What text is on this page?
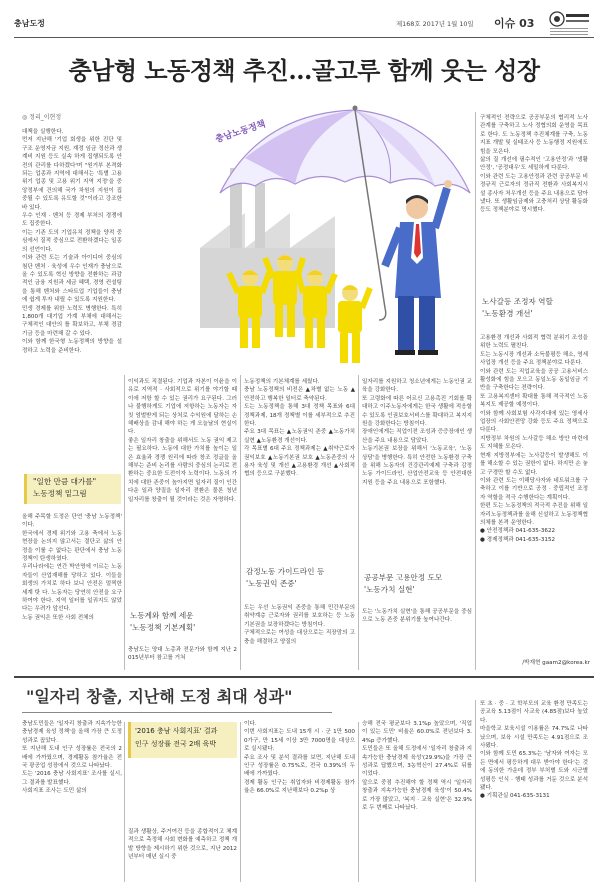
충남도정	제168호 2017년 1월 10일 이슈 03
충남형 노동정책 추진…골고루 함께 웃는 성장
충남노동정책
◎ 정리_이현정

대책을 실행한다.

먼저 지난해 '기업 회생을 위한 진단 및 구조 운영자금 지원, 재정 임금 정산과 생계비 지원 등도 실속 하게 집행되도록 안전의 관리를 다하겠다'며 "원거부 본격화 되는 업종과 지역에 대해서는 '특별 고용 위기 업종 및 고용 위기 지역 지정'을 중앙정부에 건의해 국가 차원의 지원이 집중될 수 있도록 유도할 것"이라고 강조한 바 있다.

우수 인재 · 벤처 등 경제 부처의 경쟁에도 집중한다.

이는 기존 도의 기업유치 정책을 양적 중심에서 질적 중심으로 전환하겠다는 일종의 선언이다.

이와 관련 도는 기술과 아이디어 중심의 첨단 벤처 · 육성에 우수 인재가 충남으로 올 수 있도록 혁신 방향을 전환하는 과감적인 금융 지원과 세금 혜택, 경영 컨설팅을 통해 벤처와 스타트업 기업들이 충남에 쉽게 투자 내릴 수 있도록 지원한다.

민생 경제를 위한 노력도 병행한다. 특히 1,800개 대기업 가계 부채에 대해서는 구체적인 대안의 틀 확보하고, 부채 경감 기금 등을 마련해 갈 수 있다.

이와 함께 한국형 노동정책의 방향을 설정하고 노력을 준비한다.

"일한 만큼 대가를"
노동정책 밑그림

올해 주목할 도정은 단연 '충남 노동정책' 이다.

한국에서 경제 위기와 고용 축에서 노동 현장을 논의지 않고서는 결단코 삶의 안정을 이룰 수 없다는 판단에서 충남 노동정책이 탄생하였다.

우리나라에는 연간 박안명에 이르는 노동자들이 산업재해를 당하고 있다. 이들을 회생의 가치로 하다 보니 안전은 멀찍한 세계 탓 다. 노동자는 당연히 안전을 요구하여야 한다. 지역 일터를 일궈지도 않았다는 우려가 앞선다.

노동 권익은 또한 사회 전체의

이익과도 직결된다. 기업과 자본이 이윤을 이유로 지역적 · 사회적으로 위기를 야기할 때 이에 저항 할 수 있는 권리가 요구된다. 그러나 불행하게도 기업에 저항하는 노동자는 자칫 엄벌받게 되는 상처로 수익원에 달하는 손해배상을 감내 해야 하는 게 오늘날의 현실이다.

좋은 일자리 창출을 위해서도 노동 권익 제고는 필요하다. 노동에 대한 가치를 높이는 일은 효율과 경쟁 원리에 따라 창조 정글을 올해부는 준비 논리를 사람의 중심의 논리로 전환하는 중요한 도전이자 노력이다. 노동의 가치에 대한 존중이 높아지면 일자리 질이 인간다운 일과 양질을 일자리 전환은 물론 청년 일자리를 창출이 될 것이라는 것은 자명하다.

노동계와 함께 세운
'노동정책 기본계획'

충남도는 양대 노총과 전문가와 함께 지난 2015년부터 참고를 거쳐

노동정책의 기본체계를 세웠다.

충남 노동정책의 비전은 ▲차별 없는 노동 ▲안전하고 행복한 일터로 축약된다.

도는 노동정책을 통해 3대 정책 목표와 6대 정책과제, 18개 정책별 이를 세부적으로 추진한다.

주요 3대 목표는 ▲노동권익 존중 ▲노동가치 실현 ▲노동환경 개선이다.

각 목표별 6대 주요 정책과제는 ▲취약근로자 권익보호 ▲노동기본권 보호 ▲노동존중의 사용자 육성 및 개선 ▲고용환경 개선 ▲사회적 협의 등으로 구분했다.

감정노동 가이드라인 등
'노동권익 존중'

도는 우선 노동권익 존중을 통해 민간부문의 취약계층 근로자와 권리를 보호하는 등 노동기본권을 보장하겠다는 방침이다.

구체적으로는 여성을 대상으로는 직장맘의 고충을 해결하고 양질의

일자리를 지원하고 청소년에게는 노동인권 교육을 강화한다.

또 고령화에 따른 어르신 고용촉진 기회를 확대하고 이주노동자에게는 한국 생활에 적응할 수 있도록 인권보호서비스를 확대하고 복지지원을 강화한다는 방침이다.

장애인에게는 직업이전 조성과 증증장애인 생산을 주요 내용으로 담았다.

노동기본권 보장을 위해서 '노동교육', '노동상담'을 병행한다. 특히 안전한 노동환경 구축을 위해 노동자의 건강관리예제 구축과 감정노동 가이드라인, 산업안전교육 등 안전대한 지원 등을 주요 내용으로 포함했다.

공공부문 고용안정 도모
'노동가치 실현'

도는 '노동가치 실현'을 통해 공공부문을 중심으로 노동 존중 분위기를 높여나간다.

구체적인 전략으로 공공부문의 협리적 노사관계를 구축하고 노사 정협의회 운영을 목표로 한다. 도 노동정책 추진체계를 구축, 노동지표 개발 및 실태조사 등 노동행정 지원에도 힘을 모은다.

삶의 질 개선에 필수적인 '고용안정'과 '생활안정', '공정대우'도 세밀하게 다룬다.

이와 관련 도는 고용안정과 관련 공공부문 비정규직 근로자의 정규직 전환과 사회복지시설 종사자 처우개선 등을 주요 내용으로 담아냈다. 또 생활임금제와 고충처리 상담 활동화 등도 정책분야로 명시했다.

노사갈등 조정자 역할
'노동환경 개선'

고용환경 개선과 사회적 협력 분위기 조성을 위한 노력도 펼친다.

도는 노동시장 개선과 소득불평등 해소, 영세사업장 개선 등을 주요 정책분야로 다룬다.

이와 관련 도는 직업교육을 공공 고용서비스 활성화에 힘을 모으고 동일노동 동일임금 기반을 구축한다는 전략이다.

또 고용복지센터 확대를 통해 적극적인 노동복지도 제공할 예정이다.

이와 함께 사회보험 사각지대에 있는 영세사업장의 사회안전망 강화 등도 주요 정책으로 다룬다.

지방정부 차원의 노사갈등 해소 방안 마련에도 지혜를 모은다.

현재 지방정부에는 노사갈등이 발생해도 이를 해소할 수 있는 권한이 없다. 하지만 손 놓고 구경만 할 수도 없다.

이와 관련 도는 이해당사자와 네트워크를 구축하고 이를 기반으로 공정 · 중립적인 조정자 역할을 적극 수행한다는 계획이다.

한편 도는 노동정책의 적극적 추진을 위해 일자리노동정책과를 올해 신설하고 노동정책협의체를 본격 운영한다.

● 안전정책과 041-635-3622

● 경제정책과 041-635-3152

/박재현 gaam2@korea.kr
"일자리 창출, 지난해 도정 최대 성과"

충남도민들은 '일자리 창출과 지속가능한 충남경제 육성 정책'을 올해 가장 큰 도정 성과로 꼽았다.

또 지난해 도내 인구 성장률은 전국의 2배에 가까웠으며, 경제활동 참가율은 전국 광공업 성장에서 것으로 나타났다.

도는 '2016 충남 사회지표' 조사를 실시, 그 결과를 발표했다.

사회지표 조사는 도민 삶의

'2016 충남 사회지표' 결과
인구 성장률 전국 2배 육박

질과 생활상, 주거여건 등을 종합적이고 체계적으로 측정해 사회 변화를 예측하고 정책 개발 방향을 제시하기 위한 것으로, 지난 2012년부터 매년 실시 중

이다.

이번 사회지표는 도내 15개 시 · 군 1만 5000가구, 만 15세 이상 3만 7000명을 대상으로 실시됐다.

주요 조사 및 분석 결과를 보면, 지난해 도내 인구 성장률은 0.75%로, 전국 0.39%의 두 배에 가까웠다.

경제 활동 인구는 취업자와 비경제활동 참가율은 66.0%로 지난해보다 0.2%p 상

승해 전국 평균보다 3.1%p 높았으며, '직업이 있는 도민' 비율은 60.0%로 전년보다 3.4%p 증가했다.

도민들은 또 올해 도정에서 '일자리 창출과 지속가능한 충남경제 육성'(29.9%)을 가장 큰 성과로 답했으며, 3농혁신이 27.4%로 뒤를 이었다.

앞으로 중점 추진해야 할 정책 역시 '일자리 창출과 지속가능한 충남경제 육성'이 50.4%로 가장 많았고, '복지 · 교육 실현'은 32.9%로 두 번째로 나타났다.

또 초 · 중 · 고 학부모의 교육 환경 만족도는 공교육 5.13점이 사교육 (4.85점)보다 높았다.

마을학교 보육시설 이용률은 74.7%로 나타났으며, 보육 시설 만족도는 4.91점으로 조사됐다.

이와 함께 도민 65.3%는 '남자와 여자는 모든 면에서 평등하게 대우 받아야 한다'는 것에 동의한 가운데 정부 부처별 도와 시군별 성평등 인식 · 행태 성과를 거둔 것으로 분석됐다.

● 기획관실 041-635-3131
